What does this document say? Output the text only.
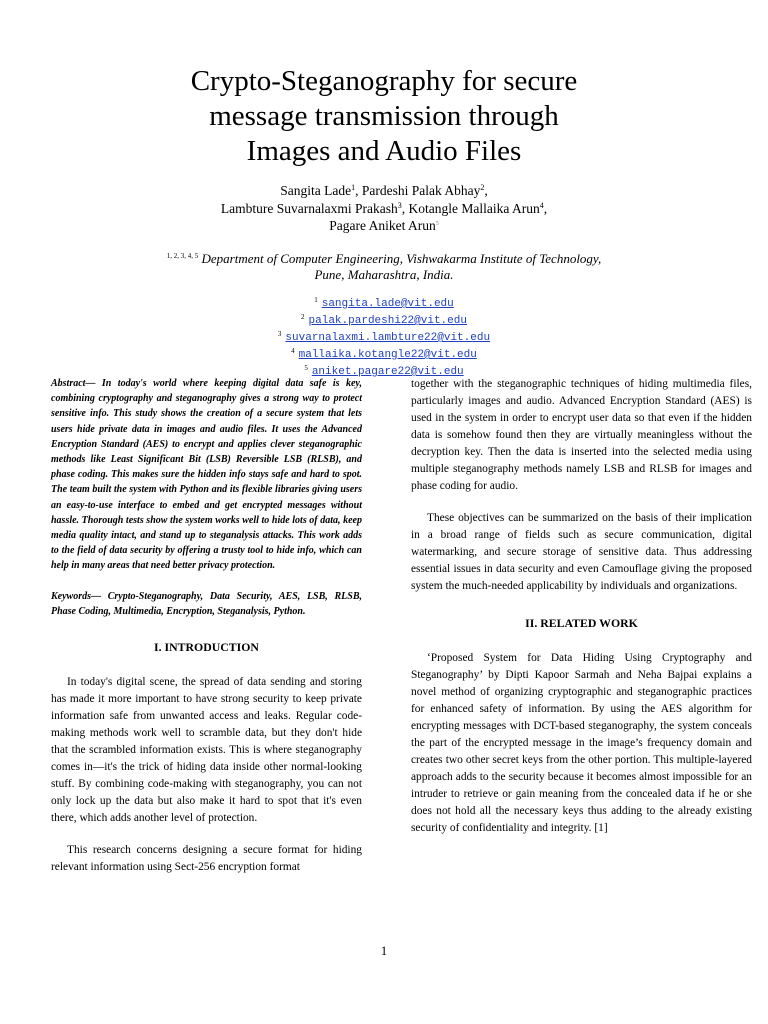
Crypto-Steganography for secure
message transmission through
Images and Audio Files
Sangita Lade$^1$, Pardeshi Palak Abhay$^2$,
Lambture Suvarnalaxmi Prakash$^3$, Kotangle Mallaika Arun$^4$,
Pagare Aniket Arun$^5$
$^{1, 2, 3, 4, 5}$ Department of Computer Engineering, Vishwakarma Institute of Technology,
Pune, Maharashtra, India.
$^1$ sangita.lade@vit.edu
$^2$ palak.pardeshi22@vit.edu
$^3$ suvarnalaxmi.lambture22@vit.edu
$^4$ mallaika.kotangle22@vit.edu
$^5$ aniket.pagare22@vit.edu

Abstract— In today's world where keeping digital data safe is key, combining cryptography and steganography gives a strong way to protect sensitive info. This study shows the creation of a secure system that lets users hide private data in images and audio files. It uses the Advanced Encryption Standard (AES) to encrypt and applies clever steganographic methods like Least Significant Bit (LSB) Reversible LSB (RLSB), and phase coding. This makes sure the hidden info stays safe and hard to spot. The team built the system with Python and its flexible libraries giving users an easy-to-use interface to embed and get encrypted messages without hassle. Thorough tests show the system works well to hide lots of data, keep media quality intact, and stand up to steganalysis attacks. This work adds to the field of data security by offering a trusty tool to hide info, which can help in many areas that need better privacy protection.

Keywords— Crypto-Steganography, Data Security, AES, LSB, RLSB, Phase Coding, Multimedia, Encryption, Steganalysis, Python.

I. INTRODUCTION

In today's digital scene, the spread of data sending and storing has made it more important to have strong security to keep private information safe from unwanted access and leaks. Regular code-making methods work well to scramble data, but they don't hide that the scrambled information exists. This is where steganography comes in—it's the trick of hiding data inside other normal-looking stuff. By combining code-making with steganography, you can not only lock up the data but also make it hard to spot that it's even there, which adds another level of protection.

This research concerns designing a secure format for hiding relevant information using Sect-256 encryption format

together with the steganographic techniques of hiding multimedia files, particularly images and audio. Advanced Encryption Standard (AES) is used in the system in order to encrypt user data so that even if the hidden data is somehow found then they are virtually meaningless without the decryption key. Then the data is inserted into the selected media using multiple steganography methods namely LSB and RLSB for images and phase coding for audio.

These objectives can be summarized on the basis of their implication in a broad range of fields such as secure communication, digital watermarking, and secure storage of sensitive data. Thus addressing essential issues in data security and even Camouflage giving the proposed system the much-needed applicability by individuals and organizations.

II. RELATED WORK

‘Proposed System for Data Hiding Using Cryptography and Steganography’ by Dipti Kapoor Sarmah and Neha Bajpai explains a novel method of organizing cryptographic and steganographic practices for enhanced safety of information. By using the AES algorithm for encrypting messages with DCT-based steganography, the system conceals the part of the encrypted message in the image’s frequency domain and creates two other secret keys from the other portion. This multiple-layered approach adds to the security because it becomes almost impossible for an intruder to retrieve or gain meaning from the concealed data if he or she does not hold all the necessary keys thus adding to the already existing security of confidentiality and integrity. [1]

1
